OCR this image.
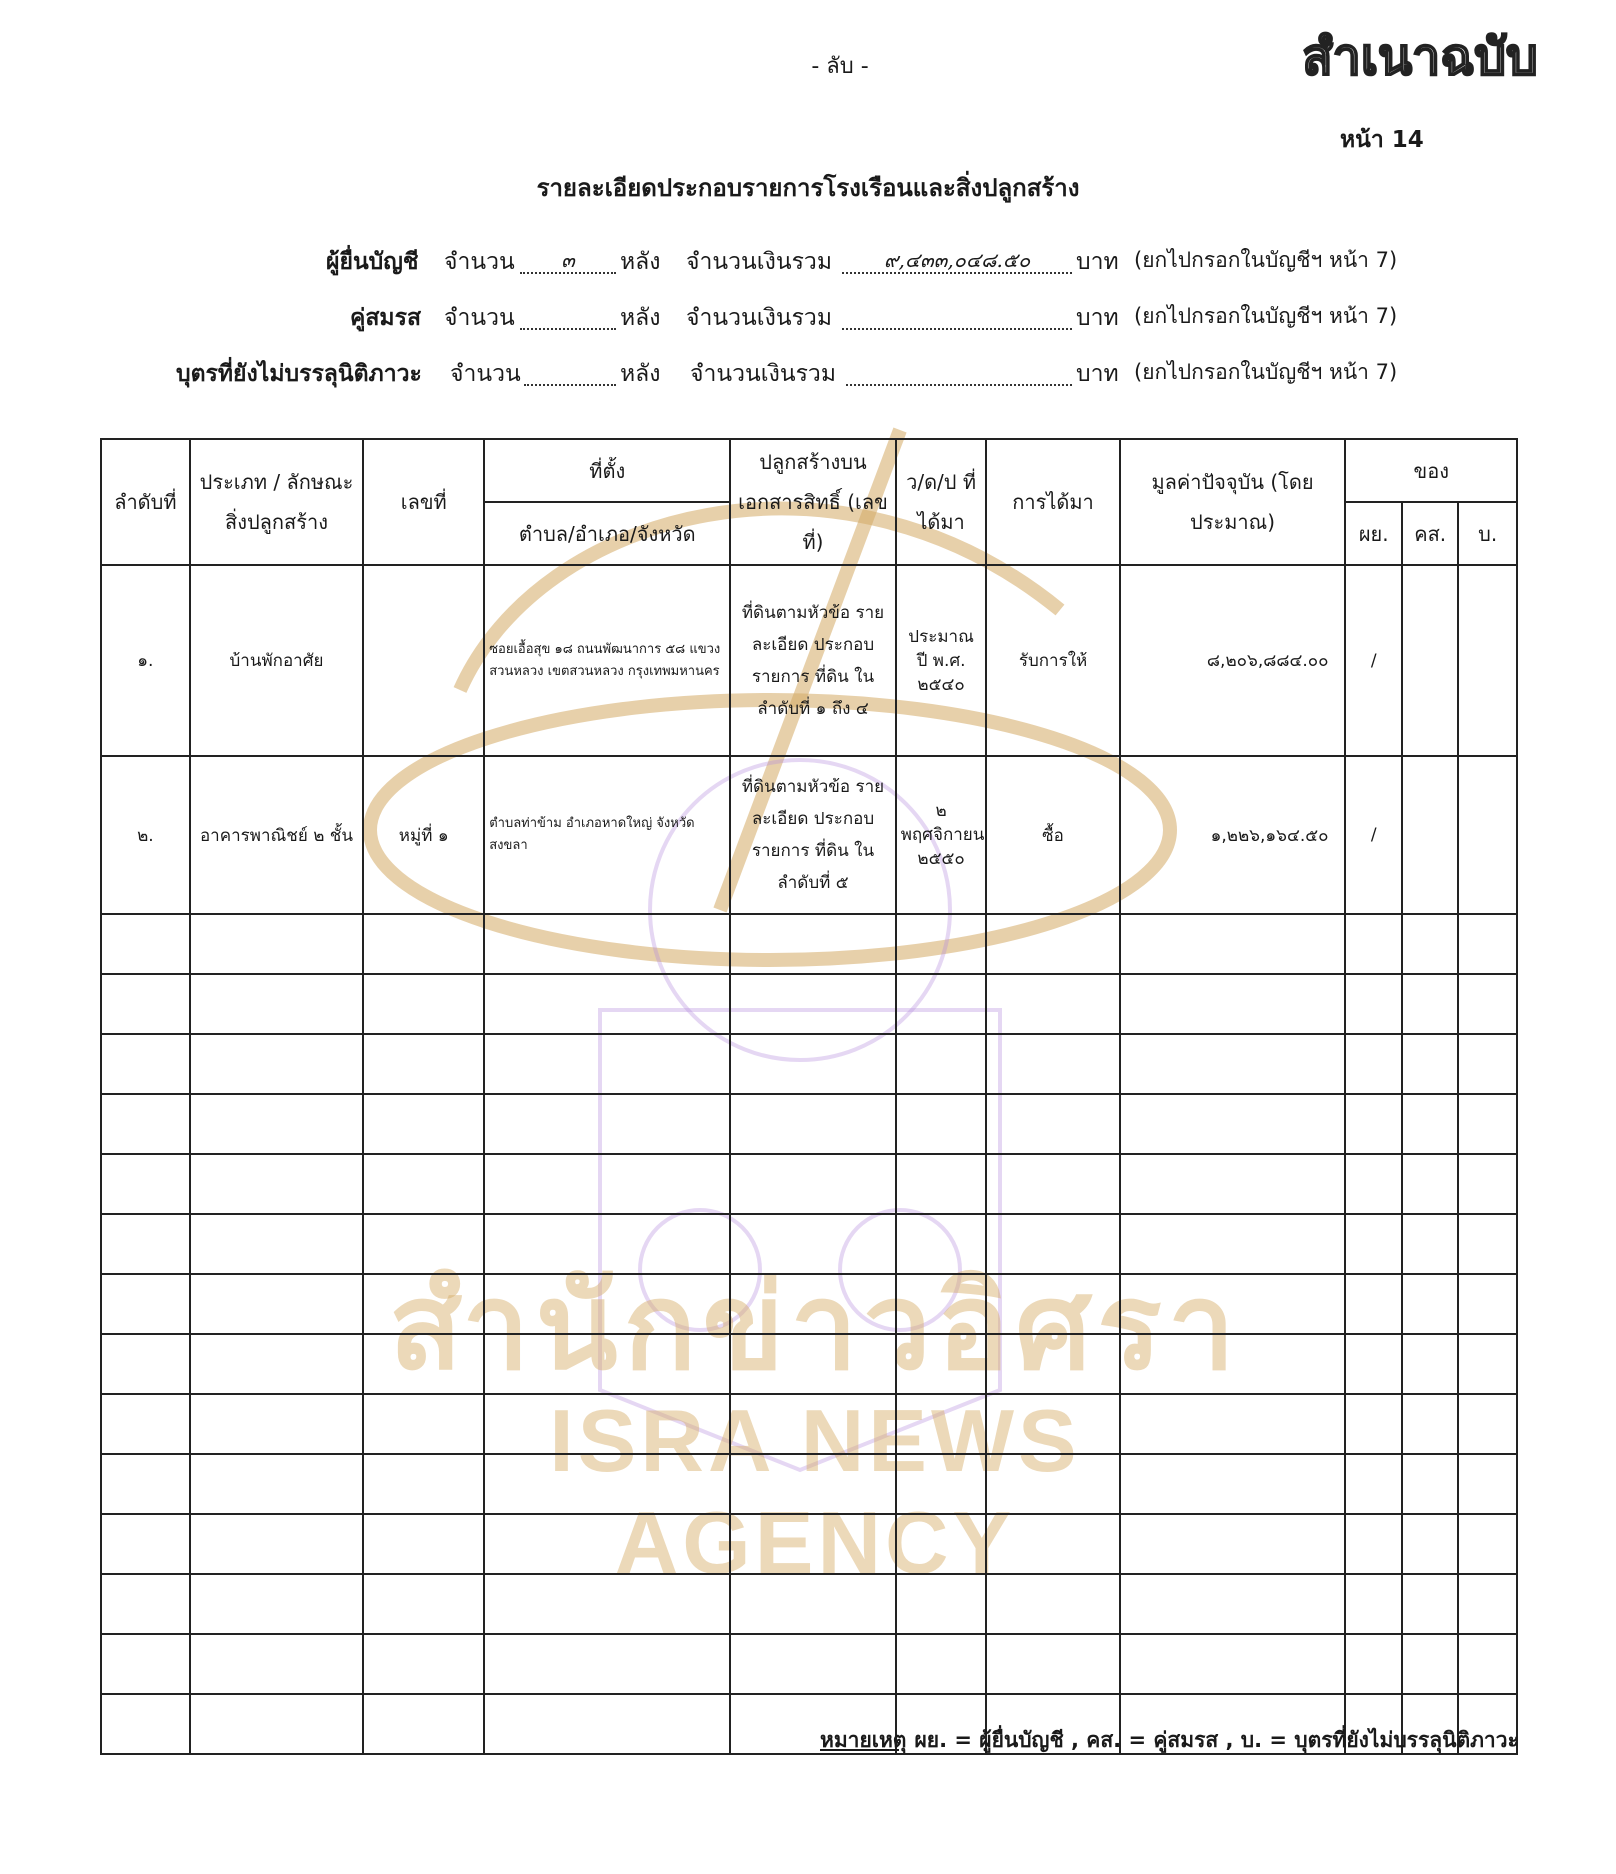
สำนักข่าวอิศรา
ISRA NEWS AGENCY
- ลับ -	สำเนาฉบับ
หน้า 14
รายละเอียดประกอบรายการโรงเรือนและสิ่งปลูกสร้าง
ผู้ยื่นบัญชี จำนวน	๓	หลัง จำนวนเงินรวม	๙,๔๓๓,๐๔๘.๕๐	บาท (ยกไปกรอกในบัญชีฯ หน้า 7)
คู่สมรส จำนวน	หลัง จำนวนเงินรวม	บาท (ยกไปกรอกในบัญชีฯ หน้า 7)
บุตรที่ยังไม่บรรลุนิติภาวะ จำนวน	หลัง จำนวนเงินรวม	บาท (ยกไปกรอกในบัญชีฯ หน้า 7)
ลำดับที่	ประเภท / ลักษณะ สิ่งปลูกสร้าง	เลขที่	ที่ตั้ง	ปลูกสร้างบน เอกสารสิทธิ์ (เลขที่)	ว/ด/ป ที่ได้มา	การได้มา	มูลค่าปัจจุบัน (โดยประมาณ)	ของ		
			ตำบล/อำเภอ/จังหวัด					ผย.	คส.	บ.
๑.	บ้านพักอาศัย		ซอยเอื้อสุข ๑๘ ถนนพัฒนาการ ๕๘ แขวงสวนหลวง เขตสวนหลวง กรุงเทพมหานคร	ที่ดินตามหัวข้อ รายละเอียด ประกอบรายการ ที่ดิน ในลำดับที่ ๑ ถึง ๔	ประมาณ ปี พ.ศ. ๒๕๔๐	รับการให้	๘,๒๐๖,๘๘๔.๐๐	/		
๒.	อาคารพาณิชย์ ๒ ชั้น	หมู่ที่ ๑	ตำบลท่าข้าม อำเภอหาดใหญ่ จังหวัดสงขลา	ที่ดินตามหัวข้อ รายละเอียด ประกอบรายการ ที่ดิน ในลำดับที่ ๕	๒ พฤศจิกายน ๒๕๕๐	ซื้อ	๑,๒๒๖,๑๖๔.๕๐	/		

หมายเหตุ ผย. = ผู้ยื่นบัญชี , คส. = คู่สมรส , บ. = บุตรที่ยังไม่บรรลุนิติภาวะ
